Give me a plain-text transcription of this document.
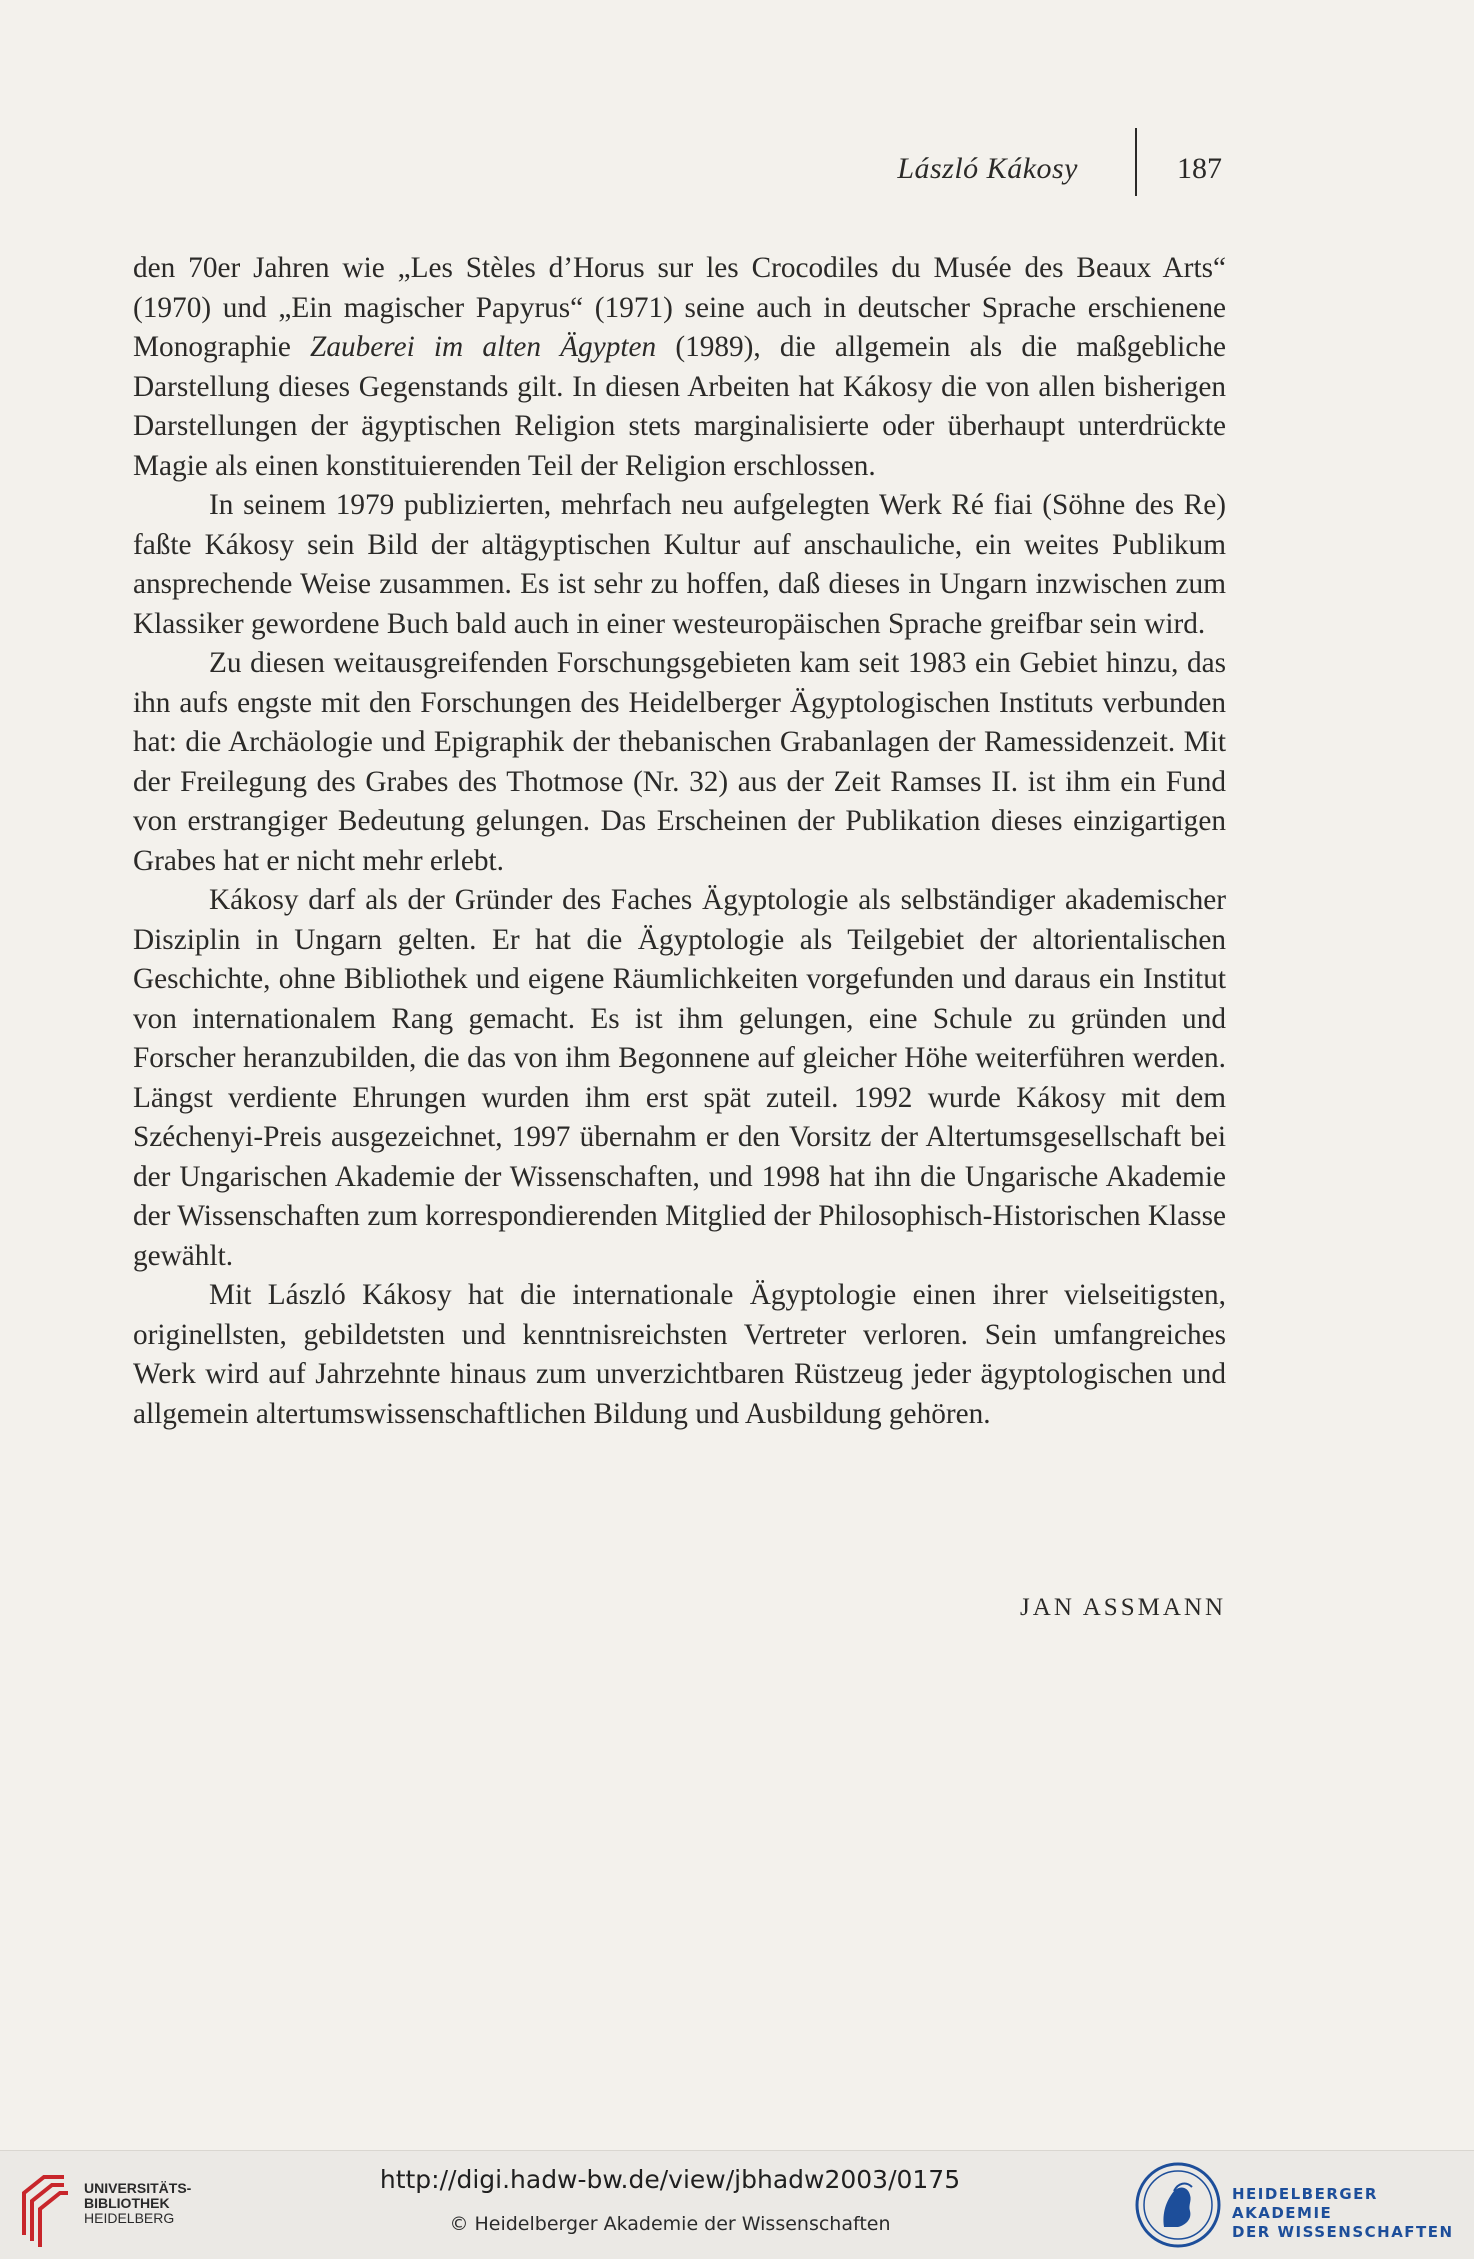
László Kákosy	187

den 70er Jahren wie „Les Stèles d’Horus sur les Crocodiles du Musée des Beaux Arts“ (1970) und „Ein magischer Papyrus“ (1971) seine auch in deutscher Sprache erschienene Monographie Zauberei im alten Ägypten (1989), die allgemein als die maßgebliche Darstellung dieses Gegenstands gilt. In diesen Arbeiten hat Kákosy die von allen bisherigen Darstellungen der ägyptischen Religion stets marginalisierte oder überhaupt unterdrückte Magie als einen konstituierenden Teil der Religion erschlossen.

In seinem 1979 publizierten, mehrfach neu aufgelegten Werk Ré fiai (Söhne des Re) faßte Kákosy sein Bild der altägyptischen Kultur auf anschauliche, ein weites Publikum ansprechende Weise zusammen. Es ist sehr zu hoffen, daß dieses in Ungarn inzwischen zum Klassiker gewordene Buch bald auch in einer westeuropäischen Sprache greifbar sein wird.

Zu diesen weitausgreifenden Forschungsgebieten kam seit 1983 ein Gebiet hinzu, das ihn aufs engste mit den Forschungen des Heidelberger Ägyptologischen Instituts verbunden hat: die Archäologie und Epigraphik der thebanischen Grabanlagen der Ramessidenzeit. Mit der Freilegung des Grabes des Thotmose (Nr. 32) aus der Zeit Ramses II. ist ihm ein Fund von erstrangiger Bedeutung gelungen. Das Erscheinen der Publikation dieses einzigartigen Grabes hat er nicht mehr erlebt.

Kákosy darf als der Gründer des Faches Ägyptologie als selbständiger akademischer Disziplin in Ungarn gelten. Er hat die Ägyptologie als Teilgebiet der altorientalischen Geschichte, ohne Bibliothek und eigene Räumlichkeiten vorgefunden und daraus ein Institut von internationalem Rang gemacht. Es ist ihm gelungen, eine Schule zu gründen und Forscher heranzubilden, die das von ihm Begonnene auf gleicher Höhe weiterführen werden. Längst verdiente Ehrungen wurden ihm erst spät zuteil. 1992 wurde Kákosy mit dem Széchenyi-Preis ausgezeichnet, 1997 übernahm er den Vorsitz der Altertumsgesellschaft bei der Ungarischen Akademie der Wissenschaften, und 1998 hat ihn die Ungarische Akademie der Wissenschaften zum korrespondierenden Mitglied der Philosophisch-Historischen Klasse gewählt.

Mit László Kákosy hat die internationale Ägyptologie einen ihrer vielseitigsten, originellsten, gebildetsten und kenntnisreichsten Vertreter verloren. Sein umfangreiches Werk wird auf Jahrzehnte hinaus zum unverzichtbaren Rüstzeug jeder ägyptologischen und allgemein altertumswissenschaftlichen Bildung und Ausbildung gehören.

JAN ASSMANN
UNIVERSITÄTS-
BIBLIOTHEK
HEIDELBERG
http://digi.hadw-bw.de/view/jbhadw2003/0175
© Heidelberger Akademie der Wissenschaften
HEIDELBERGER AKADEMIE
DER WISSENSCHAFTEN
